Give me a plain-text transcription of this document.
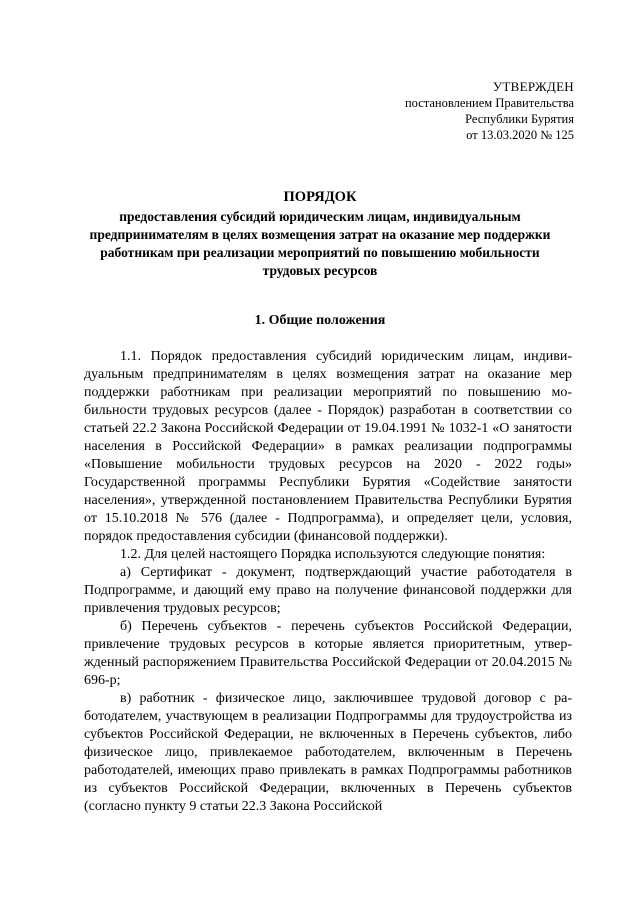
УТВЕРЖДЕН
постановлением Правительства
Республики Бурятия
от 13.03.2020 № 125
ПОРЯДОК
предоставления субсидий юридическим лицам, индивидуальным предпринимателям в целях возмещения затрат на оказание мер поддержки работникам при реализации мероприятий по повышению мобильности трудовых ресурсов
1. Общие положения

1.1. Порядок предоставления субсидий юридическим лицам, индивидуальным предпринимателям в целях возмещения затрат на оказание мер поддержки работникам при реализации мероприятий по повышению мобильности трудовых ресурсов (далее - Порядок) разработан в соответствии со статьей 22.2 Закона Российской Федерации от 19.04.1991 № 1032-1 «О занятости населения в Российской Федерации» в рамках реализации подпрограммы «Повышение мобильности трудовых ресурсов на 2020 - 2022 годы» Государственной программы Республики Бурятия «Содействие занятости населения», утвержденной постановлением Правительства Республики Бурятия от 15.10.2018 № 576 (далее - Подпрограмма), и определяет цели, условия, порядок предоставления субсидии (финансовой поддержки).

1.2. Для целей настоящего Порядка используются следующие понятия:

а) Сертификат - документ, подтверждающий участие работодателя в Подпрограмме, и дающий ему право на получение финансовой поддержки для привлечения трудовых ресурсов;

б) Перечень субъектов - перечень субъектов Российской Федерации, привлечение трудовых ресурсов в которые является приоритетным, утвержденный распоряжением Правительства Российской Федерации от 20.04.2015 № 696-р;

в) работник - физическое лицо, заключившее трудовой договор с работодателем, участвующем в реализации Подпрограммы для трудоустройства из субъектов Российской Федерации, не включенных в Перечень субъектов, либо физическое лицо, привлекаемое работодателем, включенным в Перечень работодателей, имеющих право привлекать в рамках Подпрограммы работников из субъектов Российской Федерации, включенных в Перечень субъектов (согласно пункту 9 статьи 22.3 Закона Российской
